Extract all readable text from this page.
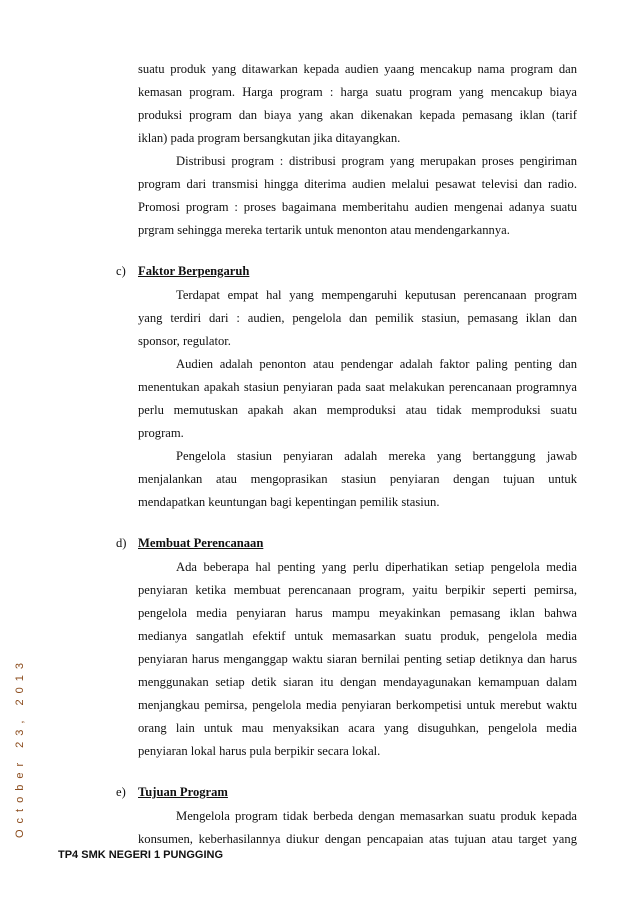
October 23, 2013
suatu produk yang ditawarkan kepada audien yaang mencakup nama program dan
kemasan program. Harga program : harga suatu program yang mencakup biaya
produksi program dan biaya yang akan dikenakan kepada pemasang iklan (tarif
iklan) pada program bersangkutan jika ditayangkan.
Distribusi program : distribusi program yang merupakan proses pengiriman
program dari transmisi hingga diterima audien melalui pesawat televisi dan radio.
Promosi program : proses bagaimana memberitahu audien mengenai adanya suatu
prgram sehingga mereka tertarik untuk menonton atau mendengarkannya.
c) Faktor Berpengaruh
Terdapat empat hal yang mempengaruhi keputusan perencanaan program
yang terdiri dari : audien, pengelola dan pemilik stasiun, pemasang iklan dan
sponsor, regulator.
Audien adalah penonton atau pendengar adalah faktor paling penting dan
menentukan apakah stasiun penyiaran pada saat melakukan perencanaan programnya
perlu memutuskan apakah akan memproduksi atau tidak memproduksi suatu
program.
Pengelola stasiun penyiaran adalah mereka yang bertanggung jawab
menjalankan atau mengoprasikan stasiun penyiaran dengan tujuan untuk
mendapatkan keuntungan bagi kepentingan pemilik stasiun.
d) Membuat Perencanaan
Ada beberapa hal penting yang perlu diperhatikan setiap pengelola media
penyiaran ketika membuat perencanaan program, yaitu berpikir seperti pemirsa,
pengelola media penyiaran harus mampu meyakinkan pemasang iklan bahwa
medianya sangatlah efektif untuk memasarkan suatu produk, pengelola media
penyiaran harus menganggap waktu siaran bernilai penting setiap detiknya dan harus
menggunakan setiap detik siaran itu dengan mendayagunakan kemampuan dalam
menjangkau pemirsa, pengelola media penyiaran berkompetisi untuk merebut waktu
orang lain untuk mau menyaksikan acara yang disuguhkan, pengelola media
penyiaran lokal harus pula berpikir secara lokal.
e) Tujuan Program
Mengelola program tidak berbeda dengan memasarkan suatu produk kepada
konsumen, keberhasilannya diukur dengan pencapaian atas tujuan atau target yang
TP4 SMK NEGERI 1 PUNGGING
